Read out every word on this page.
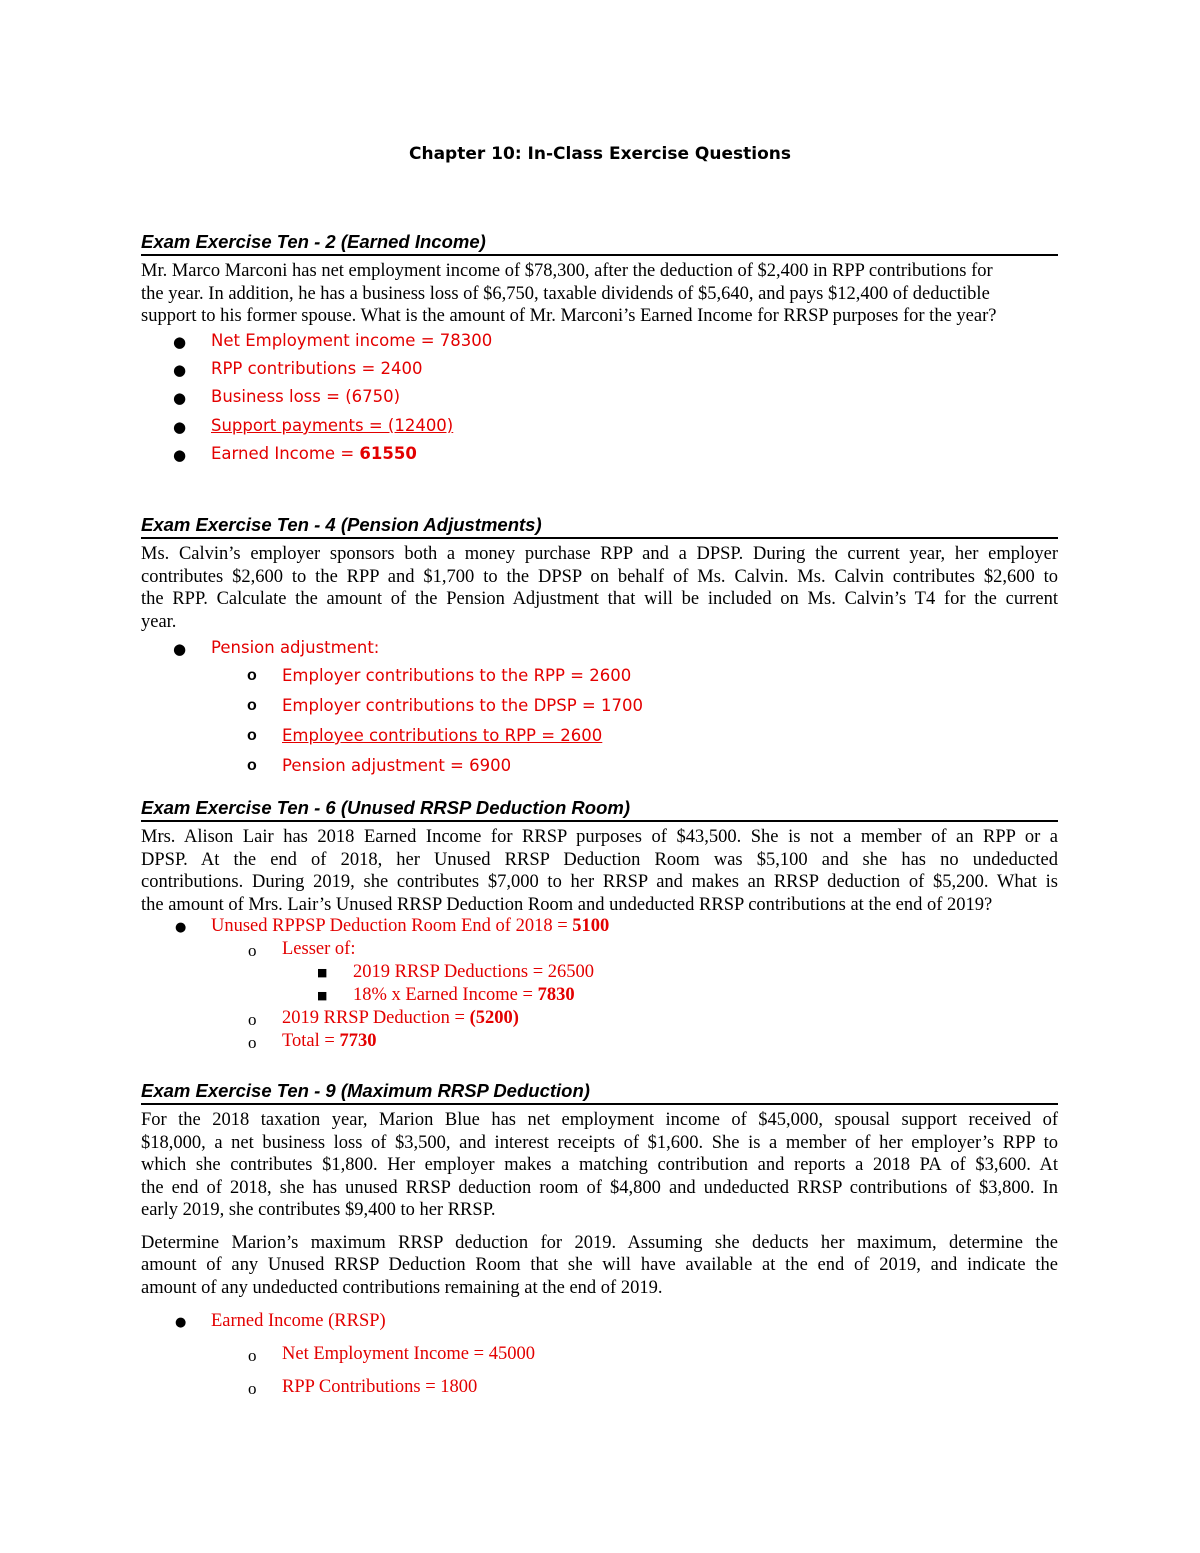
Chapter 10: In-Class Exercise Questions
Exam Exercise Ten - 2 (Earned Income)
Mr. Marco Marconi has net employment income of $78,300, after the deduction of $2,400 in RPP contributions for
the year. In addition, he has a business loss of $6,750, taxable dividends of $5,640, and pays $12,400 of deductible
support to his former spouse. What is the amount of Mr. Marconi’s Earned Income for RRSP purposes for the year?
● Net Employment income = 78300
● RPP contributions = 2400
● Business loss = (6750)
● Support payments = (12400)
● Earned Income = 61550
Exam Exercise Ten - 4 (Pension Adjustments)
Ms. Calvin’s employer sponsors both a money purchase RPP and a DPSP. During the current year, her employer
contributes $2,600 to the RPP and $1,700 to the DPSP on behalf of Ms. Calvin. Ms. Calvin contributes $2,600 to
the RPP. Calculate the amount of the Pension Adjustment that will be included on Ms. Calvin’s T4 for the current
year.
● Pension adjustment:
o Employer contributions to the RPP = 2600
o Employer contributions to the DPSP = 1700
o Employee contributions to RPP = 2600
o Pension adjustment = 6900
Exam Exercise Ten - 6 (Unused RRSP Deduction Room)
Mrs. Alison Lair has 2018 Earned Income for RRSP purposes of $43,500. She is not a member of an RPP or a
DPSP. At the end of 2018, her Unused RRSP Deduction Room was $5,100 and she has no undeducted
contributions. During 2019, she contributes $7,000 to her RRSP and makes an RRSP deduction of $5,200. What is
the amount of Mrs. Lair’s Unused RRSP Deduction Room and undeducted RRSP contributions at the end of 2019?
● Unused RPPSP Deduction Room End of 2018 = 5100
o Lesser of:
■ 2019 RRSP Deductions = 26500
■ 18% x Earned Income = 7830
o 2019 RRSP Deduction = (5200)
o Total = 7730
Exam Exercise Ten - 9 (Maximum RRSP Deduction)
For the 2018 taxation year, Marion Blue has net employment income of $45,000, spousal support received of
$18,000, a net business loss of $3,500, and interest receipts of $1,600. She is a member of her employer’s RPP to
which she contributes $1,800. Her employer makes a matching contribution and reports a 2018 PA of $3,600. At
the end of 2018, she has unused RRSP deduction room of $4,800 and undeducted RRSP contributions of $3,800. In
early 2019, she contributes $9,400 to her RRSP.
Determine Marion’s maximum RRSP deduction for 2019. Assuming she deducts her maximum, determine the
amount of any Unused RRSP Deduction Room that she will have available at the end of 2019, and indicate the
amount of any undeducted contributions remaining at the end of 2019.
● Earned Income (RRSP)
o Net Employment Income = 45000
o RPP Contributions = 1800
